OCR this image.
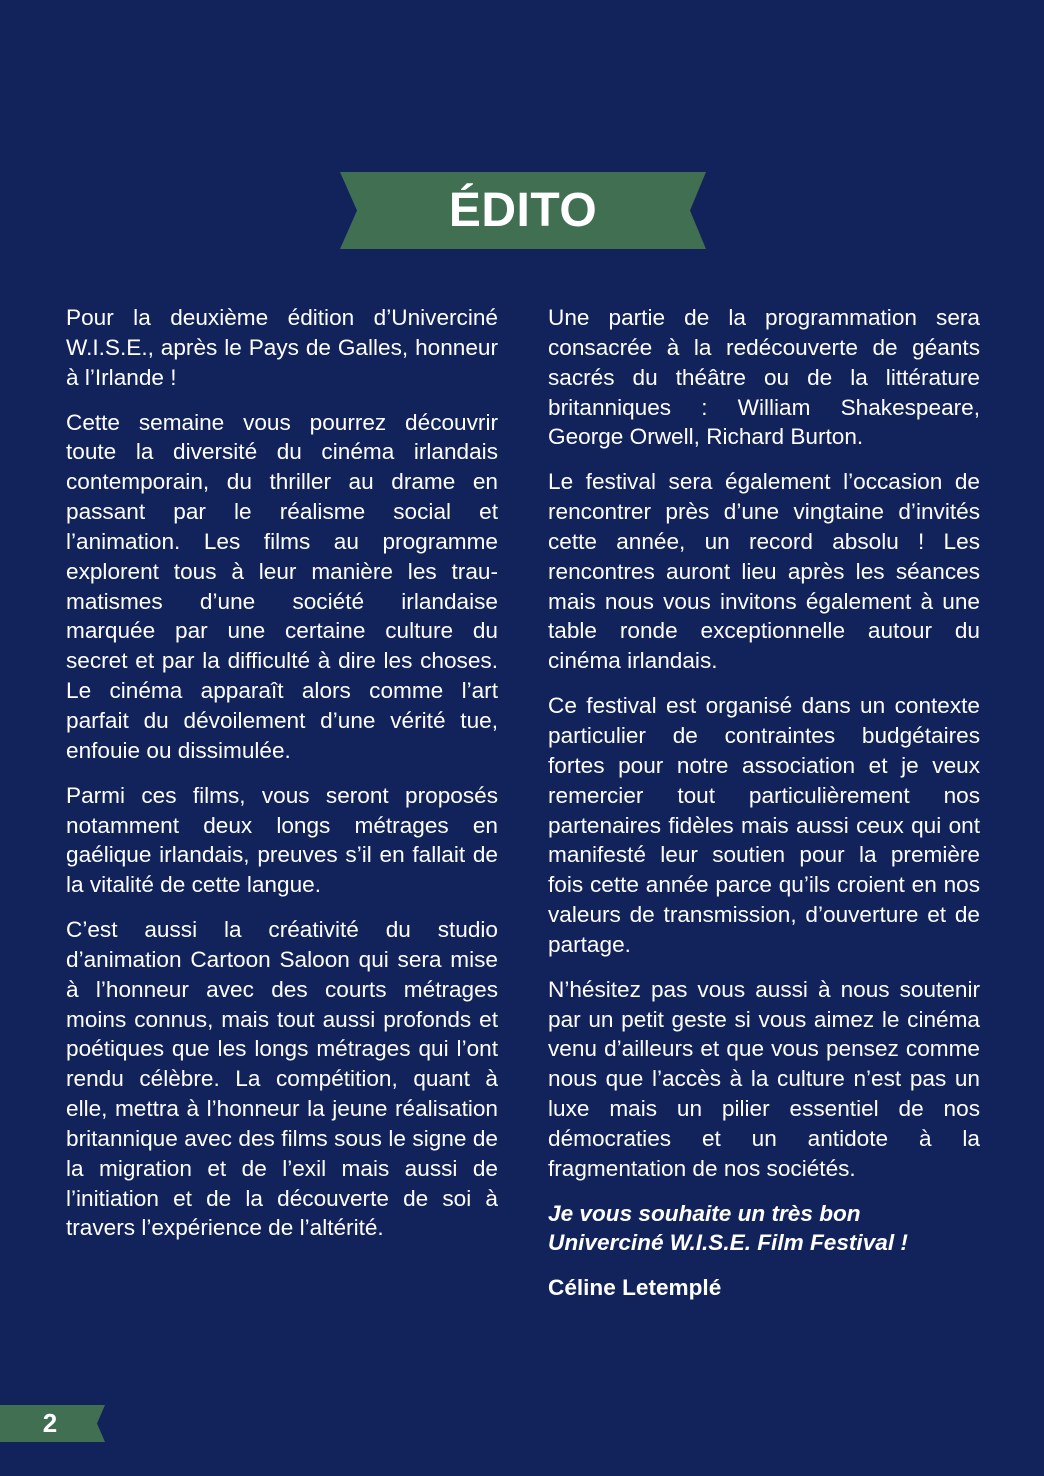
ÉDITO

Pour la deuxième édition d’Univerciné W.I.S.E., après le Pays de Galles, honneur à l’Irlande !

Cette semaine vous pourrez découvrir toute la diversité du cinéma irlandais contemporain, du thriller au drame en passant par le réalisme social et l’animation. Les films au programme explorent tous à leur manière les traumatismes d’une société irlandaise marquée par une certaine culture du secret et par la difficulté à dire les choses. Le cinéma apparaît alors comme l’art parfait du dévoilement d’une vérité tue, enfouie ou dissimulée.

Parmi ces films, vous seront proposés notamment deux longs métrages en gaélique irlandais, preuves s’il en fallait de la vitalité de cette langue.

C’est aussi la créativité du studio d’animation Cartoon Saloon qui sera mise à l’honneur avec des courts métrages moins connus, mais tout aussi profonds et poétiques que les longs métrages qui l’ont rendu célèbre. La compétition, quant à elle, mettra à l’honneur la jeune réalisation britannique avec des films sous le signe de la migration et de l’exil mais aussi de l’initiation et de la découverte de soi à travers l’expérience de l’altérité.

Une partie de la programmation sera consacrée à la redécouverte de géants sacrés du théâtre ou de la littérature britanniques : William Shakespeare, George Orwell, Richard Burton.

Le festival sera également l’occasion de rencontrer près d’une vingtaine d’invités cette année, un record absolu ! Les rencontres auront lieu après les séances mais nous vous invitons également à une table ronde exceptionnelle autour du cinéma irlandais.

Ce festival est organisé dans un contexte particulier de contraintes budgétaires fortes pour notre association et je veux remercier tout particulièrement nos partenaires fidèles mais aussi ceux qui ont manifesté leur soutien pour la première fois cette année parce qu’ils croient en nos valeurs de transmission, d’ouverture et de partage.

N’hésitez pas vous aussi à nous soutenir par un petit geste si vous aimez le cinéma venu d’ailleurs et que vous pensez comme nous que l’accès à la culture n’est pas un luxe mais un pilier essentiel de nos démocraties et un antidote à la fragmentation de nos sociétés.

Je vous souhaite un très bon
Univerciné W.I.S.E. Film Festival !

Céline Letemplé

2
